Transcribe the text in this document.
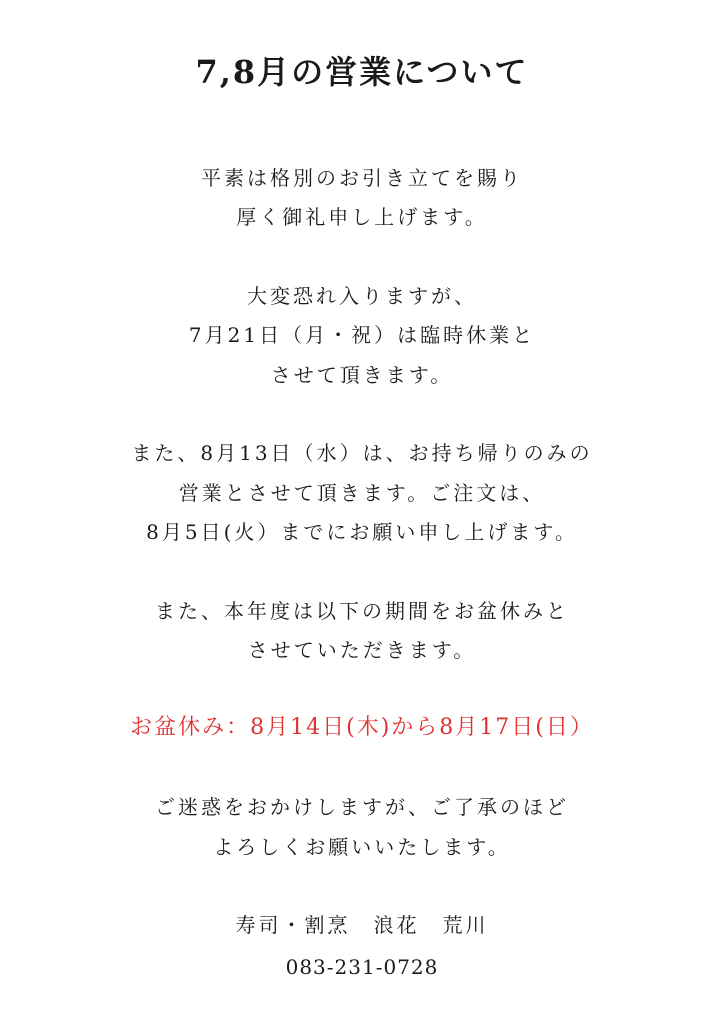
7,8月の営業について
平素は格別のお引き立てを賜り
厚く御礼申し上げます。
大変恐れ入りますが、
7月21日（月・祝）は臨時休業と
させて頂きます。
また、8月13日（水）は、お持ち帰りのみの
営業とさせて頂きます。ご注文は、
8月5日(火）までにお願い申し上げます。
また、本年度は以下の期間をお盆休みと
させていただきます。
お盆休み：8月14日(木)から8月17日(日）
ご迷惑をおかけしますが、ご了承のほど
よろしくお願いいたします。
寿司・割烹　浪花　荒川
083-231-0728
